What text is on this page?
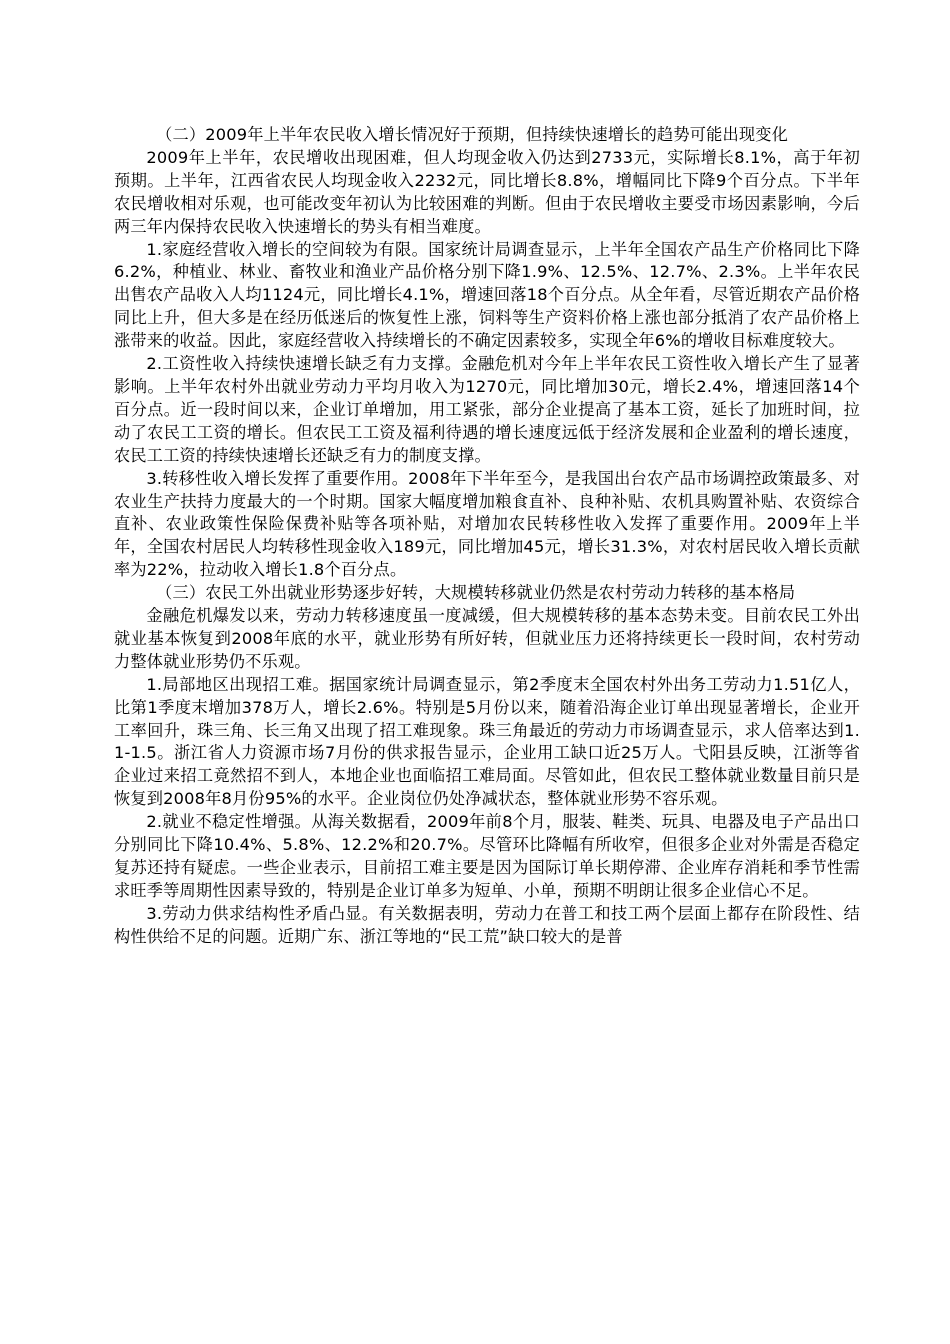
（二）2009年上半年农民收入增长情况好于预期，但持续快速增长的趋势可能出现变化

2009年上半年，农民增收出现困难，但人均现金收入仍达到2733元，实际增长8.1%，高于年初预期。上半年，江西省农民人均现金收入2232元，同比增长8.8%，增幅同比下降9个百分点。下半年农民增收相对乐观，也可能改变年初认为比较困难的判断。但由于农民增收主要受市场因素影响，今后两三年内保持农民收入快速增长的势头有相当难度。

1.家庭经营收入增长的空间较为有限。国家统计局调查显示，上半年全国农产品生产价格同比下降6.2%，种植业、林业、畜牧业和渔业产品价格分别下降1.9%、12.5%、12.7%、2.3%。上半年农民出售农产品收入人均1124元，同比增长4.1%，增速回落18个百分点。从全年看，尽管近期农产品价格同比上升，但大多是在经历低迷后的恢复性上涨，饲料等生产资料价格上涨也部分抵消了农产品价格上涨带来的收益。因此，家庭经营收入持续增长的不确定因素较多，实现全年6%的增收目标难度较大。

2.工资性收入持续快速增长缺乏有力支撑。金融危机对今年上半年农民工资性收入增长产生了显著影响。上半年农村外出就业劳动力平均月收入为1270元，同比增加30元，增长2.4%，增速回落14个百分点。近一段时间以来，企业订单增加，用工紧张，部分企业提高了基本工资，延长了加班时间，拉动了农民工工资的增长。但农民工工资及福利待遇的增长速度远低于经济发展和企业盈利的增长速度，农民工工资的持续快速增长还缺乏有力的制度支撑。

3.转移性收入增长发挥了重要作用。2008年下半年至今，是我国出台农产品市场调控政策最多、对农业生产扶持力度最大的一个时期。国家大幅度增加粮食直补、良种补贴、农机具购置补贴、农资综合直补、农业政策性保险保费补贴等各项补贴，对增加农民转移性收入发挥了重要作用。2009年上半年，全国农村居民人均转移性现金收入189元，同比增加45元，增长31.3%，对农村居民收入增长贡献率为22%，拉动收入增长1.8个百分点。

（三）农民工外出就业形势逐步好转，大规模转移就业仍然是农村劳动力转移的基本格局

金融危机爆发以来，劳动力转移速度虽一度减缓，但大规模转移的基本态势未变。目前农民工外出就业基本恢复到2008年底的水平，就业形势有所好转，但就业压力还将持续更长一段时间，农村劳动力整体就业形势仍不乐观。

1.局部地区出现招工难。据国家统计局调查显示，第2季度末全国农村外出务工劳动力1.51亿人，比第1季度末增加378万人，增长2.6%。特别是5月份以来，随着沿海企业订单出现显著增长，企业开工率回升，珠三角、长三角又出现了招工难现象。珠三角最近的劳动力市场调查显示，求人倍率达到1.1-1.5。浙江省人力资源市场7月份的供求报告显示，企业用工缺口近25万人。弋阳县反映，江浙等省企业过来招工竟然招不到人，本地企业也面临招工难局面。尽管如此，但农民工整体就业数量目前只是恢复到2008年8月份95%的水平。企业岗位仍处净减状态，整体就业形势不容乐观。

2.就业不稳定性增强。从海关数据看，2009年前8个月，服装、鞋类、玩具、电器及电子产品出口分别同比下降10.4%、5.8%、12.2%和20.7%。尽管环比降幅有所收窄，但很多企业对外需是否稳定复苏还持有疑虑。一些企业表示，目前招工难主要是因为国际订单长期停滞、企业库存消耗和季节性需求旺季等周期性因素导致的，特别是企业订单多为短单、小单，预期不明朗让很多企业信心不足。

3.劳动力供求结构性矛盾凸显。有关数据表明，劳动力在普工和技工两个层面上都存在阶段性、结构性供给不足的问题。近期广东、浙江等地的“民工荒”缺口较大的是普
